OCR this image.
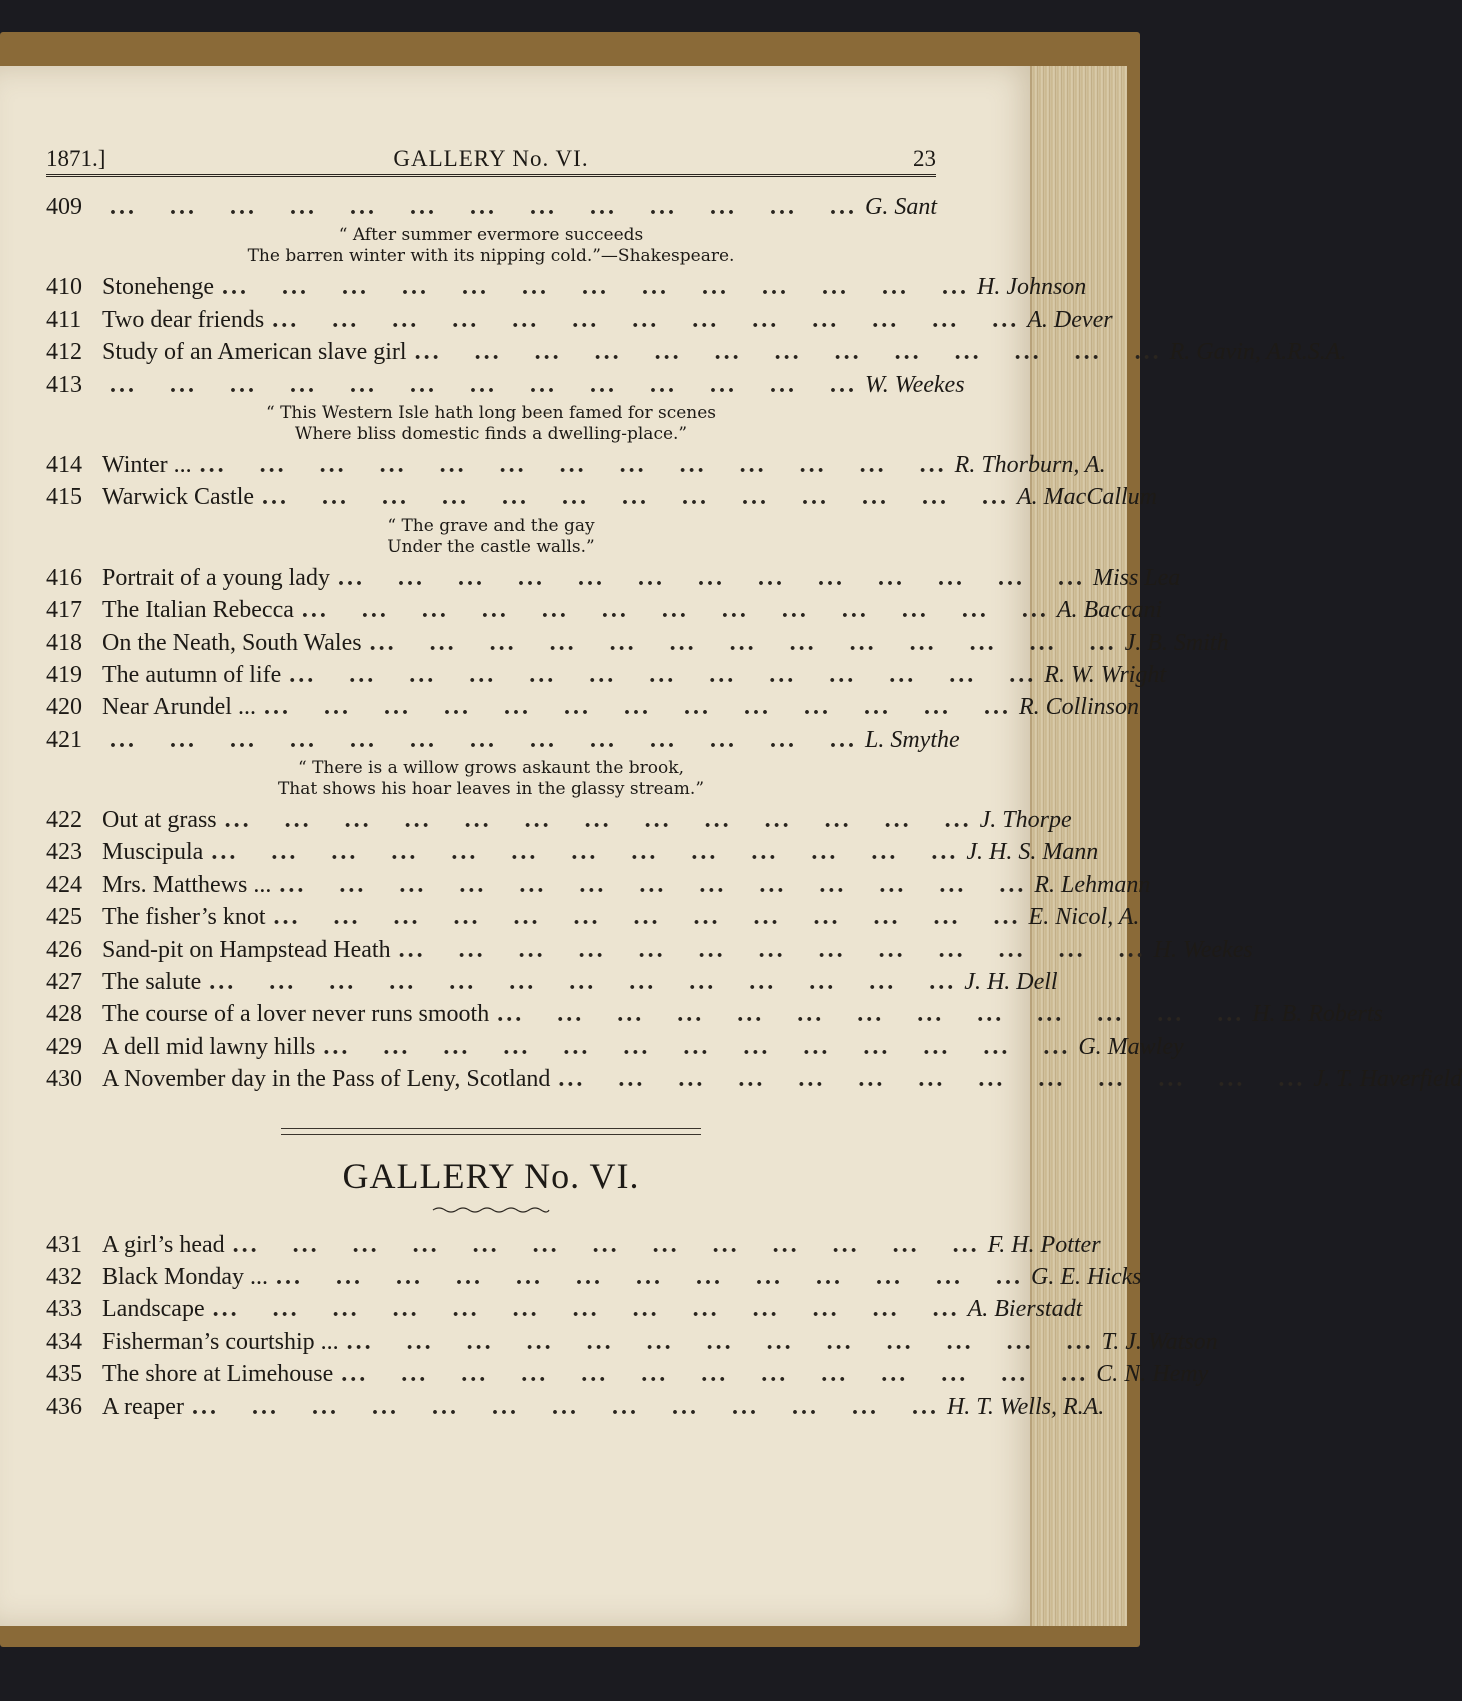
1871.]	GALLERY No. VI.	23
409	... ... ... ... ... ... ... ... ... ... ... ... ... G. Sant
“ After summer evermore succeeds
The barren winter with its nipping cold.”—Shakespeare.
410 Stonehenge ... ... ... ... ... ... ... ... ... ... ... ... ... H. Johnson
411 Two dear friends ... ... ... ... ... ... ... ... ... ... ... ... ... A. Dever
412 Study of an American slave girl ... ... ... ... ... ... ... ... ... ... ... ... ... R. Gavin, A.R.S.A.
413	... ... ... ... ... ... ... ... ... ... ... ... ... W. Weekes
“ This Western Isle hath long been famed for scenes
Where bliss domestic finds a dwelling-place.”
414 Winter ... ... ... ... ... ... ... ... ... ... ... ... ... ... R. Thorburn, A.
415 Warwick Castle ... ... ... ... ... ... ... ... ... ... ... ... ... A. MacCallum
“ The grave and the gay
Under the castle walls.”
416 Portrait of a young lady ... ... ... ... ... ... ... ... ... ... ... ... ... Miss Lea
417 The Italian Rebecca ... ... ... ... ... ... ... ... ... ... ... ... ... A. Baccani
418 On the Neath, South Wales ... ... ... ... ... ... ... ... ... ... ... ... ... J. B. Smith
419 The autumn of life ... ... ... ... ... ... ... ... ... ... ... ... ... R. W. Wright
420 Near Arundel ... ... ... ... ... ... ... ... ... ... ... ... ... ... R. Collinson
421	... ... ... ... ... ... ... ... ... ... ... ... ... L. Smythe
“ There is a willow grows askaunt the brook,
That shows his hoar leaves in the glassy stream.”
422 Out at grass ... ... ... ... ... ... ... ... ... ... ... ... ... J. Thorpe
423 Muscipula ... ... ... ... ... ... ... ... ... ... ... ... ... J. H. S. Mann
424 Mrs. Matthews ... ... ... ... ... ... ... ... ... ... ... ... ... ... R. Lehmann
425 The fisher’s knot ... ... ... ... ... ... ... ... ... ... ... ... ... E. Nicol, A.
426 Sand-pit on Hampstead Heath ... ... ... ... ... ... ... ... ... ... ... ... ... H. Weekes
427 The salute ... ... ... ... ... ... ... ... ... ... ... ... ... J. H. Dell
428 The course of a lover never runs smooth ... ... ... ... ... ... ... ... ... ... ... ... ... H. B. Roberts
429 A dell mid lawny hills ... ... ... ... ... ... ... ... ... ... ... ... ... G. Mawley
430 A November day in the Pass of Leny, Scotland ... ... ... ... ... ... ... ... ... ... ... ... ... J. T. Haverfield
GALLERY No. VI.
431 A girl’s head ... ... ... ... ... ... ... ... ... ... ... ... ... F. H. Potter
432 Black Monday ... ... ... ... ... ... ... ... ... ... ... ... ... ... G. E. Hicks
433 Landscape ... ... ... ... ... ... ... ... ... ... ... ... ... A. Bierstadt
434 Fisherman’s courtship ... ... ... ... ... ... ... ... ... ... ... ... ... ... T. J. Watson
435 The shore at Limehouse ... ... ... ... ... ... ... ... ... ... ... ... ... C. N. Hemy
436 A reaper ... ... ... ... ... ... ... ... ... ... ... ... ... H. T. Wells, R.A.
